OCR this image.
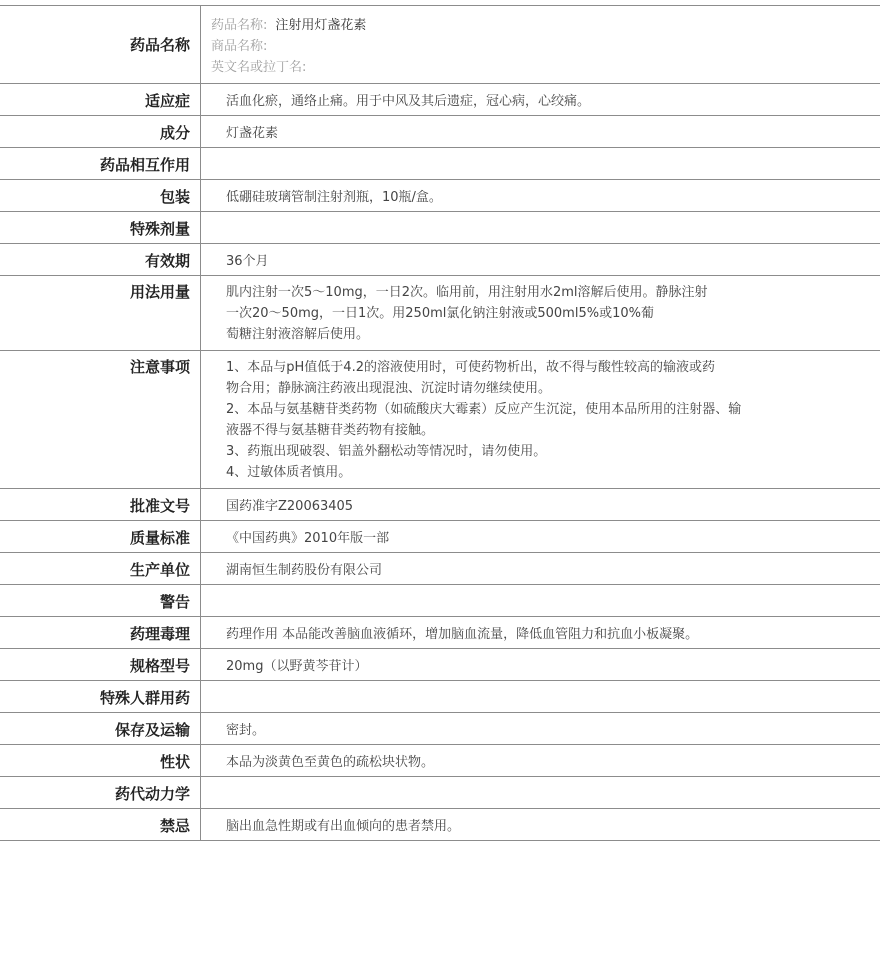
药品名称
药品名称: 注射用灯盏花素
商品名称:
英文名或拉丁名:
适应症	活血化瘀，通络止痛。用于中风及其后遗症，冠心病，心绞痛。
成分	灯盏花素
药品相互作用
包装	低硼硅玻璃管制注射剂瓶，10瓶/盒。
特殊剂量
有效期	36个月
用法用量	肌内注射一次5～10mg，一日2次。临用前，用注射用水2ml溶解后使用。静脉注射
一次20～50mg，一日1次。用250ml氯化钠注射液或500ml5%或10%葡
萄糖注射液溶解后使用。
注意事项	1、本品与pH值低于4.2的溶液使用时，可使药物析出，故不得与酸性较高的输液或药
物合用；静脉滴注药液出现混浊、沉淀时请勿继续使用。
2、本品与氨基糖苷类药物（如硫酸庆大霉素）反应产生沉淀，使用本品所用的注射器、输
液器不得与氨基糖苷类药物有接触。
3、药瓶出现破裂、铝盖外翻松动等情况时，请勿使用。
4、过敏体质者慎用。
批准文号	国药准字Z20063405
质量标准	《中国药典》2010年版一部
生产单位	湖南恒生制药股份有限公司
警告
药理毒理	药理作用 本品能改善脑血液循环，增加脑血流量，降低血管阻力和抗血小板凝聚。
规格型号	20mg（以野黄芩苷计）
特殊人群用药
保存及运输	密封。
性状	本品为淡黄色至黄色的疏松块状物。
药代动力学
禁忌	脑出血急性期或有出血倾向的患者禁用。
